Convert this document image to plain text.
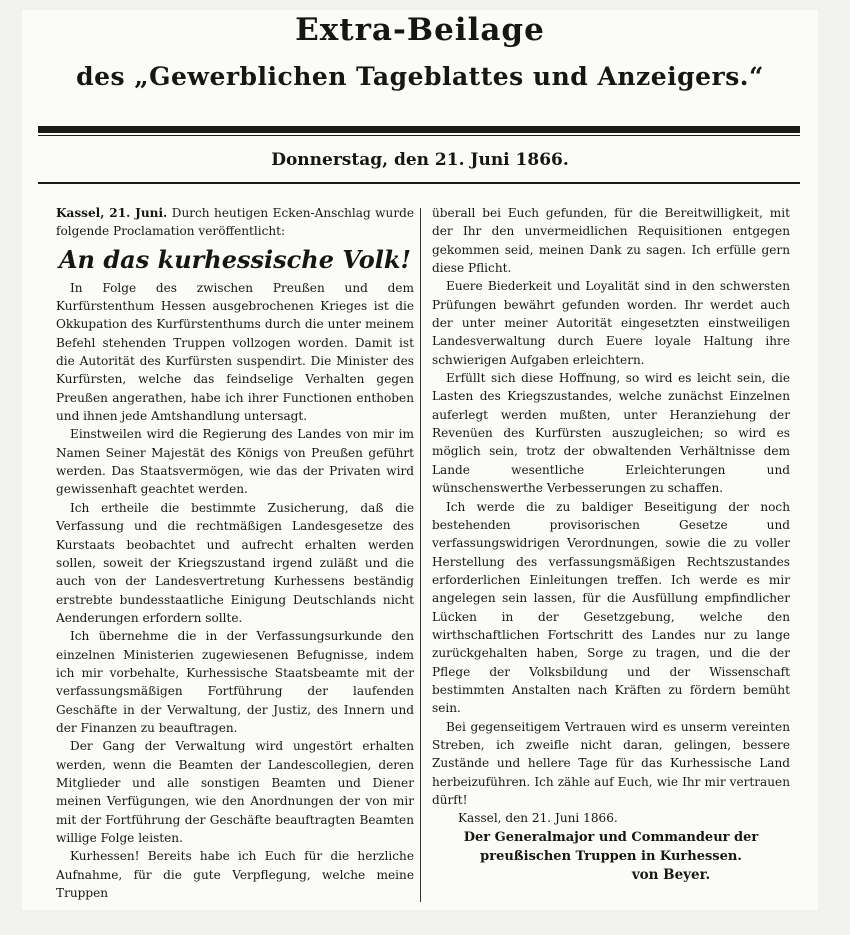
Extra-Beilage
des „Gewerblichen Tageblattes und Anzeigers.“
Donnerstag, den 21. Juni 1866.

Kassel, 21. Juni. Durch heutigen Ecken-Anschlag wurde folgende Proclamation veröffentlicht:

An das kurhessische Volk!

In Folge des zwischen Preußen und dem Kurfürstenthum Hessen ausgebrochenen Krieges ist die Okkupation des Kurfürstenthums durch die unter meinem Befehl stehenden Truppen vollzogen worden. Damit ist die Autorität des Kurfürsten suspendirt. Die Minister des Kurfürsten, welche das feindselige Verhalten gegen Preußen angerathen, habe ich ihrer Functionen enthoben und ihnen jede Amtshandlung untersagt.

Einstweilen wird die Regierung des Landes von mir im Namen Seiner Majestät des Königs von Preußen geführt werden. Das Staatsvermögen, wie das der Privaten wird gewissenhaft geachtet werden.

Ich ertheile die bestimmte Zusicherung, daß die Verfassung und die rechtmäßigen Landesgesetze des Kurstaats beobachtet und aufrecht erhalten werden sollen, soweit der Kriegszustand irgend zuläßt und die auch von der Landesvertretung Kurhessens beständig erstrebte bundesstaatliche Einigung Deutschlands nicht Aenderungen erfordern sollte.

Ich übernehme die in der Verfassungsurkunde den einzelnen Ministerien zugewiesenen Befugnisse, indem ich mir vorbehalte, Kurhessische Staatsbeamte mit der verfassungsmäßigen Fortführung der laufenden Geschäfte in der Verwaltung, der Justiz, des Innern und der Finanzen zu beauftragen.

Der Gang der Verwaltung wird ungestört erhalten werden, wenn die Beamten der Landescollegien, deren Mitglieder und alle sonstigen Beamten und Diener meinen Verfügungen, wie den Anordnungen der von mir mit der Fortführung der Geschäfte beauftragten Beamten willige Folge leisten.

Kurhessen! Bereits habe ich Euch für die herzliche Aufnahme, für die gute Verpflegung, welche meine Truppen

überall bei Euch gefunden, für die Bereitwilligkeit, mit der Ihr den unvermeidlichen Requisitionen entgegen gekommen seid, meinen Dank zu sagen. Ich erfülle gern diese Pflicht.

Euere Biederkeit und Loyalität sind in den schwersten Prüfungen bewährt gefunden worden. Ihr werdet auch der unter meiner Autorität eingesetzten einstweiligen Landesverwaltung durch Euere loyale Haltung ihre schwierigen Aufgaben erleichtern.

Erfüllt sich diese Hoffnung, so wird es leicht sein, die Lasten des Kriegszustandes, welche zunächst Einzelnen auferlegt werden mußten, unter Heranziehung der Revenüen des Kurfürsten auszugleichen; so wird es möglich sein, trotz der obwaltenden Verhältnisse dem Lande wesentliche Erleichterungen und wünschenswerthe Verbesserungen zu schaffen.

Ich werde die zu baldiger Beseitigung der noch bestehenden provisorischen Gesetze und verfassungswidrigen Verordnungen, sowie die zu voller Herstellung des verfassungsmäßigen Rechtszustandes erforderlichen Einleitungen treffen. Ich werde es mir angelegen sein lassen, für die Ausfüllung empfindlicher Lücken in der Gesetzgebung, welche den wirthschaftlichen Fortschritt des Landes nur zu lange zurückgehalten haben, Sorge zu tragen, und die der Pflege der Volksbildung und der Wissenschaft bestimmten Anstalten nach Kräften zu fördern bemüht sein.

Bei gegenseitigem Vertrauen wird es unserm vereinten Streben, ich zweifle nicht daran, gelingen, bessere Zustände und hellere Tage für das Kurhessische Land herbeizuführen. Ich zähle auf Euch, wie Ihr mir vertrauen dürft!

Kassel, den 21. Juni 1866.

Der Generalmajor und Commandeur der preußischen Truppen in Kurhessen.

von Beyer.
